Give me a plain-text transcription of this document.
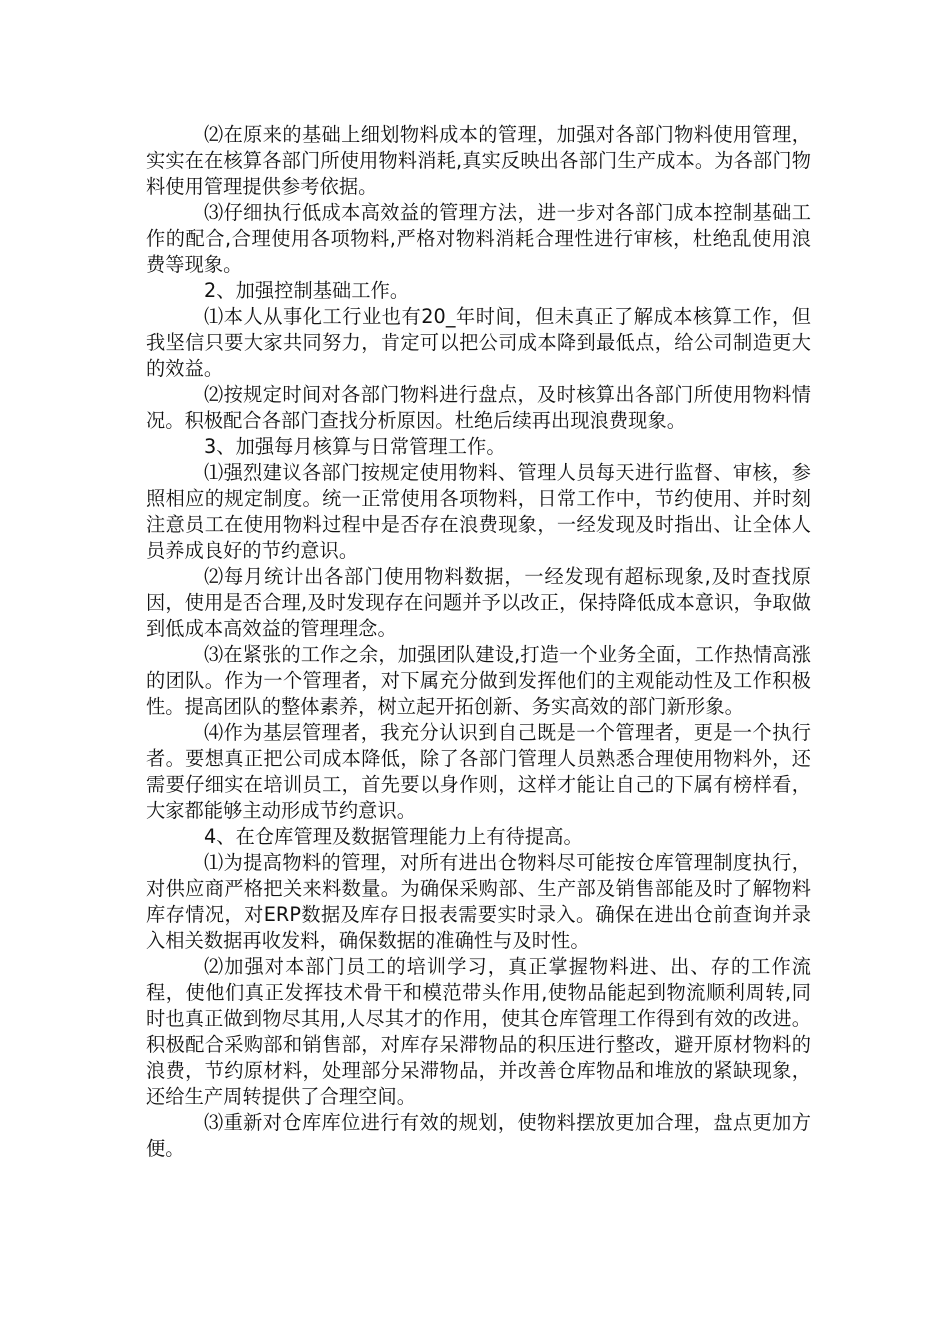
⑵在原来的基础上细划物料成本的管理，加强对各部门物料使用管理，实实在在核算各部门所使用物料消耗,真实反映出各部门生产成本。为各部门物料使用管理提供参考依据。

⑶仔细执行低成本高效益的管理方法，进一步对各部门成本控制基础工作的配合,合理使用各项物料,严格对物料消耗合理性进行审核，杜绝乱使用浪费等现象。

2、加强控制基础工作。

⑴本人从事化工行业也有20_年时间，但未真正了解成本核算工作，但我坚信只要大家共同努力，肯定可以把公司成本降到最低点，给公司制造更大的效益。

⑵按规定时间对各部门物料进行盘点，及时核算出各部门所使用物料情况。积极配合各部门查找分析原因。杜绝后续再出现浪费现象。

3、加强每月核算与日常管理工作。

⑴强烈建议各部门按规定使用物料、管理人员每天进行监督、审核，参照相应的规定制度。统一正常使用各项物料，日常工作中，节约使用、并时刻注意员工在使用物料过程中是否存在浪费现象，一经发现及时指出、让全体人员养成良好的节约意识。

⑵每月统计出各部门使用物料数据，一经发现有超标现象,及时查找原因，使用是否合理,及时发现存在问题并予以改正，保持降低成本意识，争取做到低成本高效益的管理理念。

⑶在紧张的工作之余，加强团队建设,打造一个业务全面，工作热情高涨的团队。作为一个管理者，对下属充分做到发挥他们的主观能动性及工作积极性。提高团队的整体素养，树立起开拓创新、务实高效的部门新形象。

⑷作为基层管理者，我充分认识到自己既是一个管理者，更是一个执行者。要想真正把公司成本降低，除了各部门管理人员熟悉合理使用物料外，还需要仔细实在培训员工，首先要以身作则，这样才能让自己的下属有榜样看，大家都能够主动形成节约意识。

4、在仓库管理及数据管理能力上有待提高。

⑴为提高物料的管理，对所有进出仓物料尽可能按仓库管理制度执行，对供应商严格把关来料数量。为确保采购部、生产部及销售部能及时了解物料库存情况，对ERP数据及库存日报表需要实时录入。确保在进出仓前查询并录入相关数据再收发料，确保数据的准确性与及时性。

⑵加强对本部门员工的培训学习，真正掌握物料进、出、存的工作流程，使他们真正发挥技术骨干和模范带头作用,使物品能起到物流顺利周转,同时也真正做到物尽其用,人尽其才的作用，使其仓库管理工作得到有效的改进。积极配合采购部和销售部，对库存呆滞物品的积压进行整改，避开原材物料的浪费，节约原材料，处理部分呆滞物品，并改善仓库物品和堆放的紧缺现象，还给生产周转提供了合理空间。

⑶重新对仓库库位进行有效的规划，使物料摆放更加合理，盘点更加方便。
